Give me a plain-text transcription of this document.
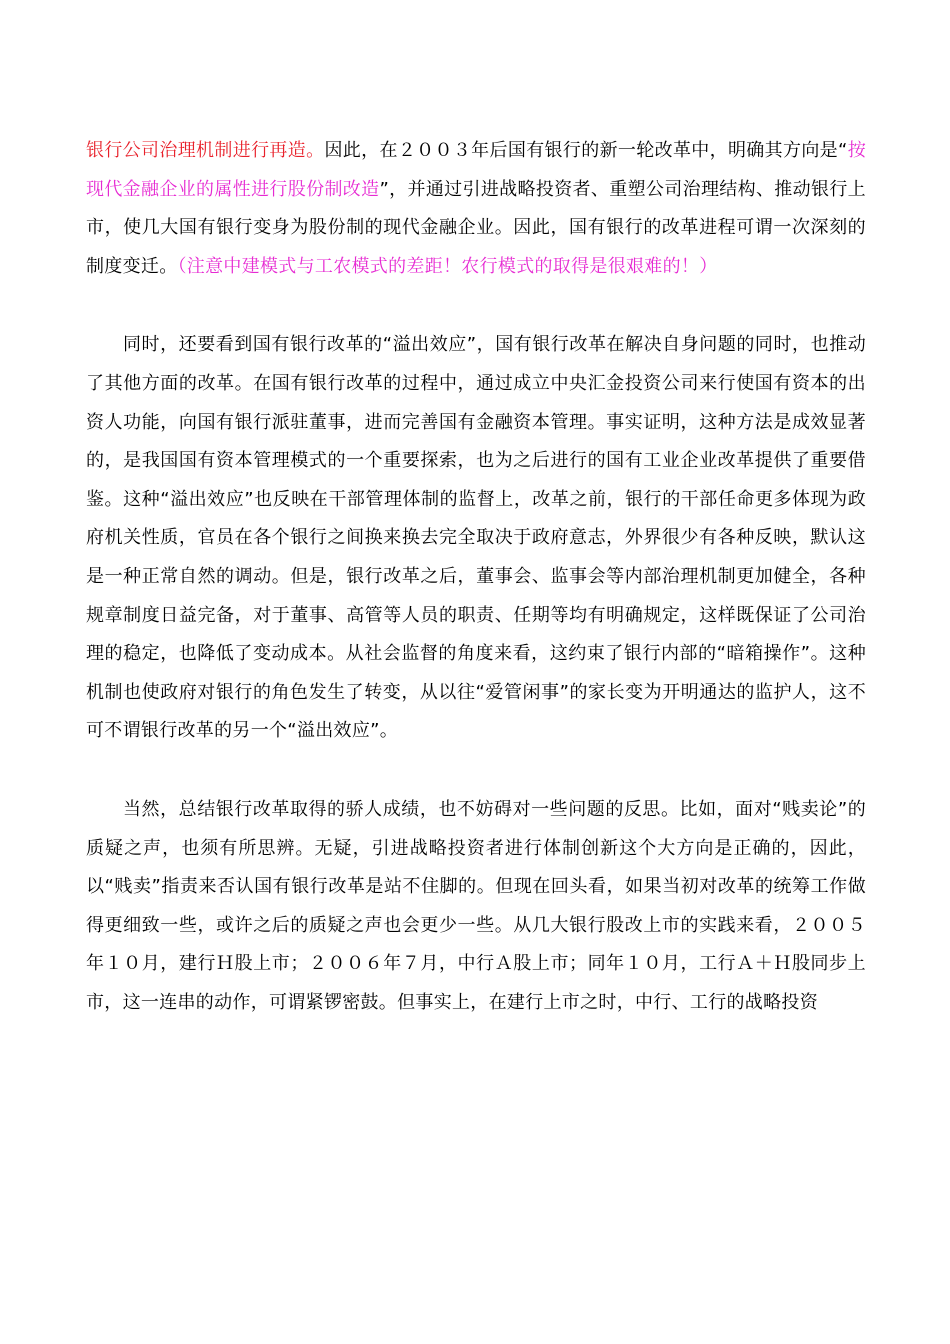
银行公司治理机制进行再造。因此，在２００３年后国有银行的新一轮改革中，明确其方向是“按现代金融企业的属性进行股份制改造”，并通过引进战略投资者、重塑公司治理结构、推动银行上市，使几大国有银行变身为股份制的现代金融企业。因此，国有银行的改革进程可谓一次深刻的制度变迁。（注意中建模式与工农模式的差距！农行模式的取得是很艰难的！）

同时，还要看到国有银行改革的“溢出效应”，国有银行改革在解决自身问题的同时，也推动了其他方面的改革。在国有银行改革的过程中，通过成立中央汇金投资公司来行使国有资本的出资人功能，向国有银行派驻董事，进而完善国有金融资本管理。事实证明，这种方法是成效显著的，是我国国有资本管理模式的一个重要探索，也为之后进行的国有工业企业改革提供了重要借鉴。这种“溢出效应”也反映在干部管理体制的监督上，改革之前，银行的干部任命更多体现为政府机关性质，官员在各个银行之间换来换去完全取决于政府意志，外界很少有各种反映，默认这是一种正常自然的调动。但是，银行改革之后，董事会、监事会等内部治理机制更加健全，各种规章制度日益完备，对于董事、高管等人员的职责、任期等均有明确规定，这样既保证了公司治理的稳定，也降低了变动成本。从社会监督的角度来看，这约束了银行内部的“暗箱操作”。这种机制也使政府对银行的角色发生了转变，从以往“爱管闲事”的家长变为开明通达的监护人，这不可不谓银行改革的另一个“溢出效应”。

当然，总结银行改革取得的骄人成绩，也不妨碍对一些问题的反思。比如，面对“贱卖论”的质疑之声，也须有所思辨。无疑，引进战略投资者进行体制创新这个大方向是正确的，因此，以“贱卖”指责来否认国有银行改革是站不住脚的。但现在回头看，如果当初对改革的统筹工作做得更细致一些，或许之后的质疑之声也会更少一些。从几大银行股改上市的实践来看，２００５年１０月，建行Ｈ股上市；２００６年７月，中行Ａ股上市；同年１０月，工行Ａ＋Ｈ股同步上市，这一连串的动作，可谓紧锣密鼓。但事实上，在建行上市之时，中行、工行的战略投资
